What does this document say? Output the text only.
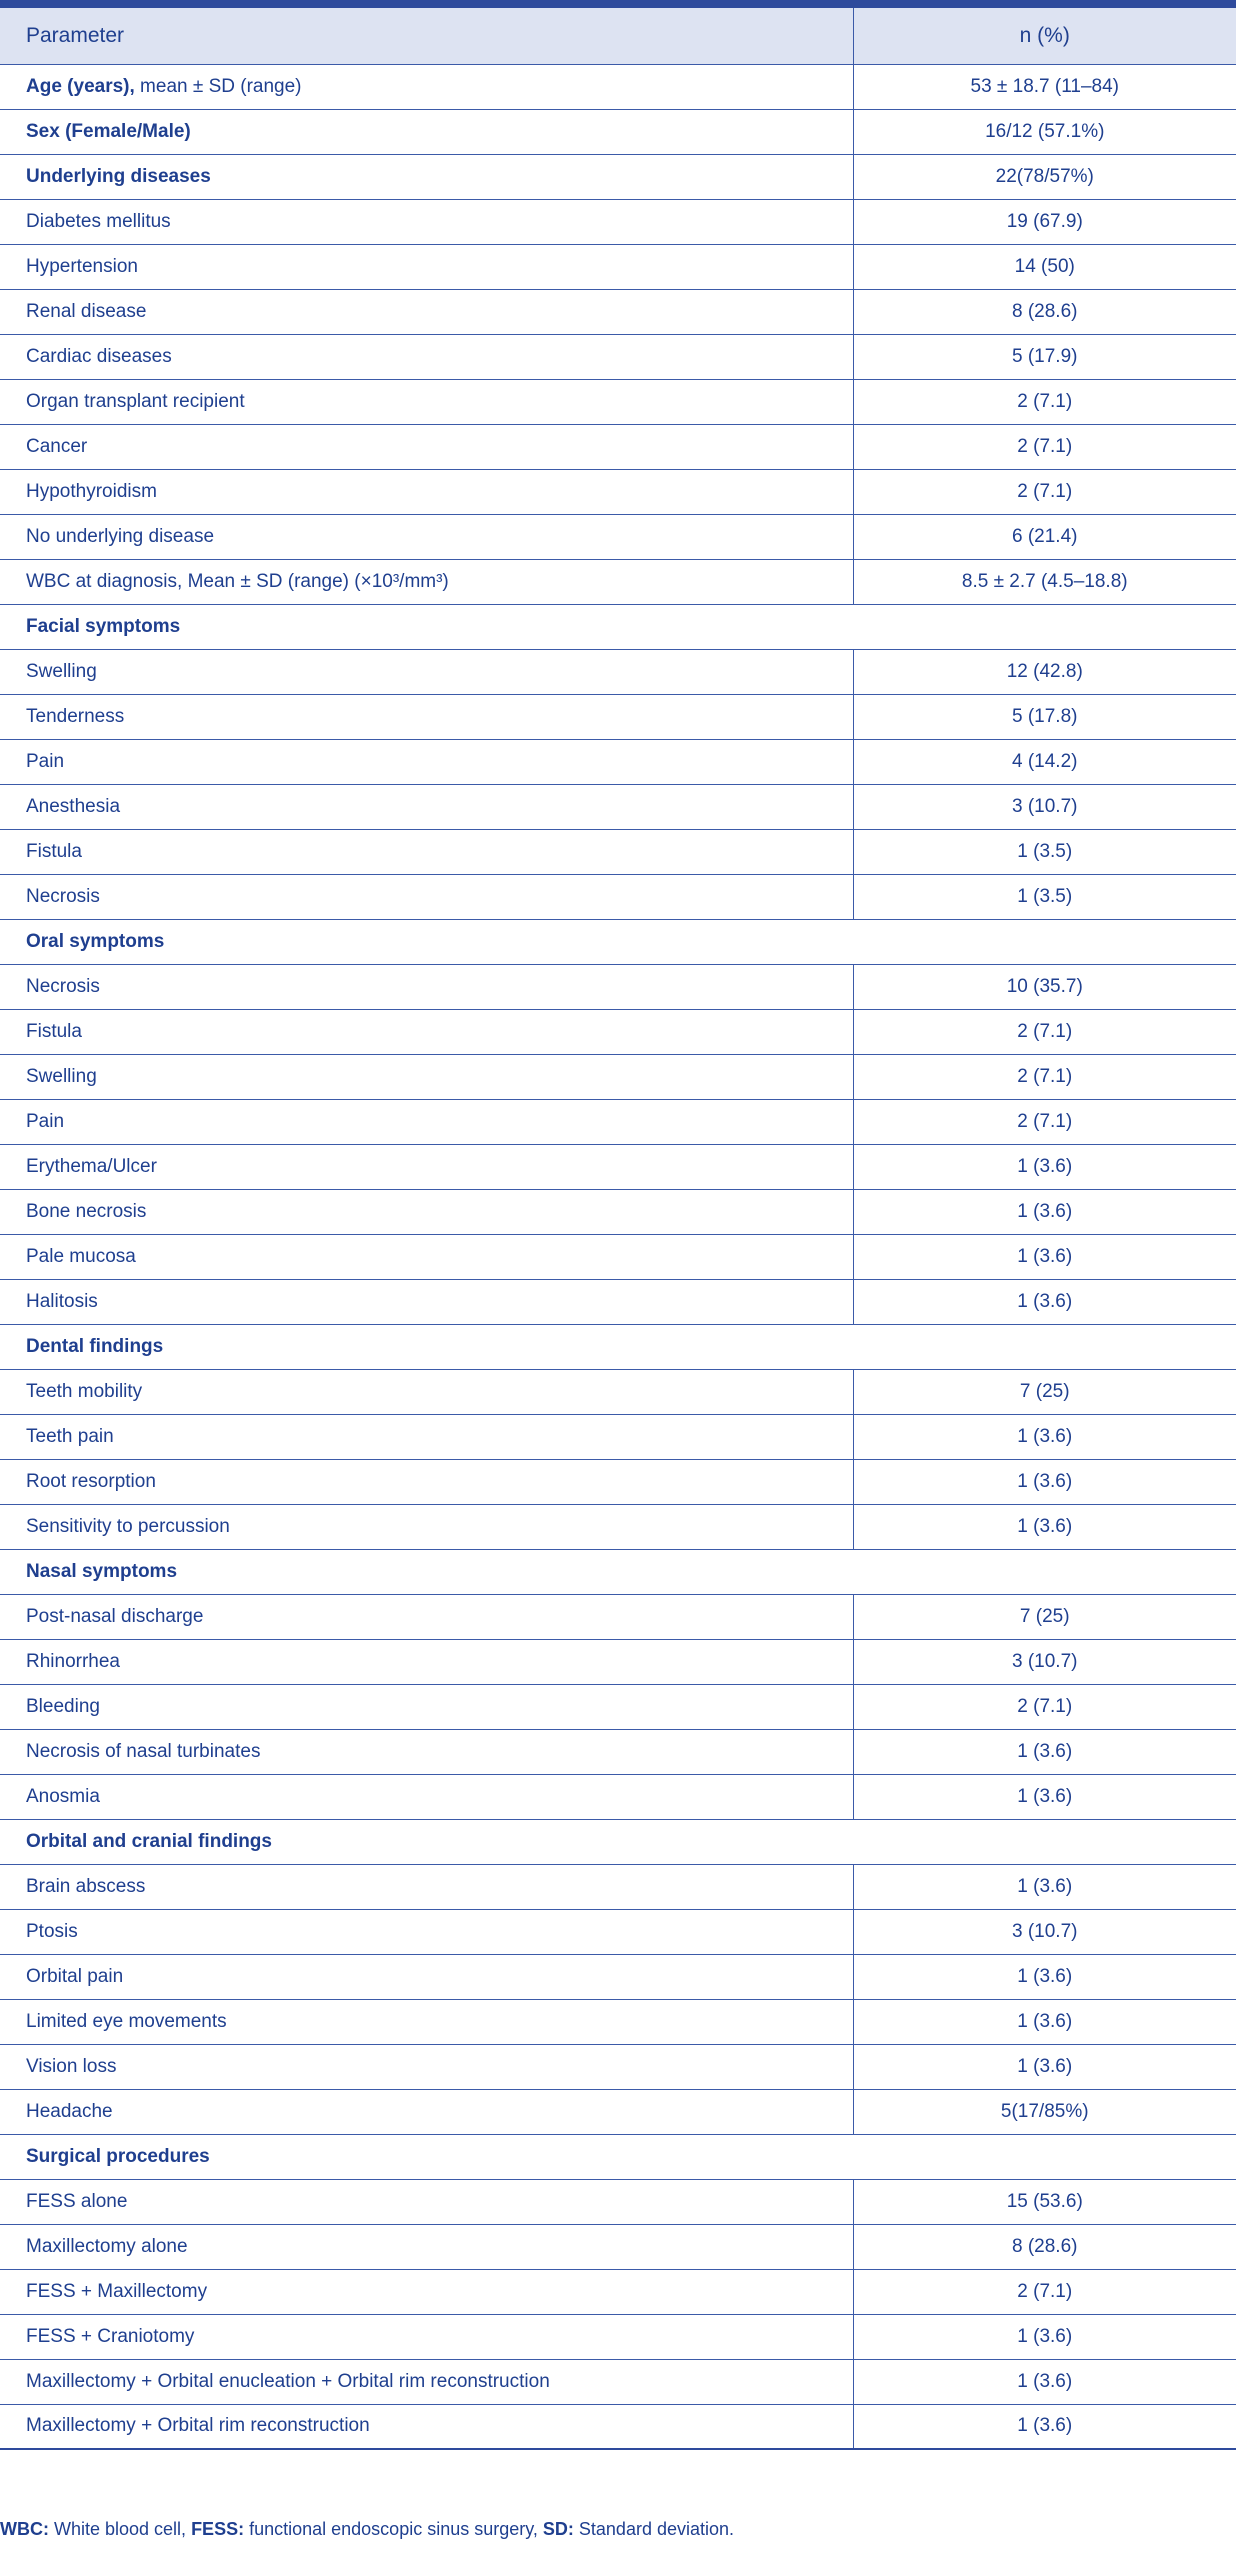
Parameter	n (%)
Age (years), mean ± SD (range)	53 ± 18.7 (11–84)
Sex (Female/Male)	16/12 (57.1%)
Underlying diseases	22(78/57%)
Diabetes mellitus	19 (67.9)
Hypertension	14 (50)
Renal disease	8 (28.6)
Cardiac diseases	5 (17.9)
Organ transplant recipient	2 (7.1)
Cancer	2 (7.1)
Hypothyroidism	2 (7.1)
No underlying disease	6 (21.4)
WBC at diagnosis, Mean ± SD (range) (×10³/mm³)	8.5 ± 2.7 (4.5–18.8)
Facial symptoms	
Swelling	12 (42.8)
Tenderness	5 (17.8)
Pain	4 (14.2)
Anesthesia	3 (10.7)
Fistula	1 (3.5)
Necrosis	1 (3.5)
Oral symptoms	
Necrosis	10 (35.7)
Fistula	2 (7.1)
Swelling	2 (7.1)
Pain	2 (7.1)
Erythema/Ulcer	1 (3.6)
Bone necrosis	1 (3.6)
Pale mucosa	1 (3.6)
Halitosis	1 (3.6)
Dental findings	
Teeth mobility	7 (25)
Teeth pain	1 (3.6)
Root resorption	1 (3.6)
Sensitivity to percussion	1 (3.6)
Nasal symptoms	
Post-nasal discharge	7 (25)
Rhinorrhea	3 (10.7)
Bleeding	2 (7.1)
Necrosis of nasal turbinates	1 (3.6)
Anosmia	1 (3.6)
Orbital and cranial findings	
Brain abscess	1 (3.6)
Ptosis	3 (10.7)
Orbital pain	1 (3.6)
Limited eye movements	1 (3.6)
Vision loss	1 (3.6)
Headache	5(17/85%)
Surgical procedures	
FESS alone	15 (53.6)
Maxillectomy alone	8 (28.6)
FESS + Maxillectomy	2 (7.1)
FESS + Craniotomy	1 (3.6)
Maxillectomy + Orbital enucleation + Orbital rim reconstruction	1 (3.6)
Maxillectomy + Orbital rim reconstruction	1 (3.6)
WBC: White blood cell, FESS: functional endoscopic sinus surgery, SD: Standard deviation.
